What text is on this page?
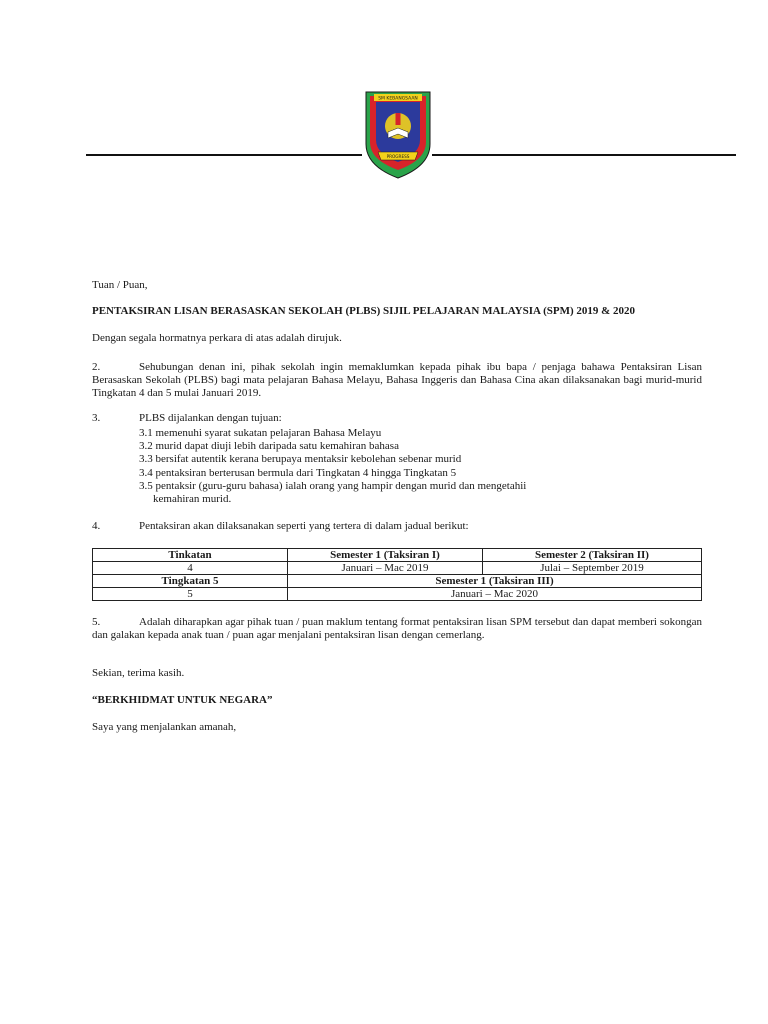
SM KEBANGSAAN
PROGRESS
Tuan / Puan,
PENTAKSIRAN LISAN BERASASKAN SEKOLAH (PLBS) SIJIL PELAJARAN MALAYSIA (SPM) 2019 & 2020
Dengan segala hormatnya perkara di atas adalah dirujuk.
2.	Sehubungan denan ini, pihak sekolah ingin memaklumkan kepada pihak ibu bapa / penjaga bahawa Pentaksiran Lisan Berasaskan Sekolah (PLBS) bagi mata pelajaran Bahasa Melayu, Bahasa Inggeris dan Bahasa Cina akan dilaksanakan bagi murid-murid Tingkatan 4 dan 5 mulai Januari 2019.
3.	PLBS dijalankan dengan tujuan:
3.1 memenuhi syarat sukatan pelajaran Bahasa Melayu
3.2 murid dapat diuji lebih daripada satu kemahiran bahasa
3.3 bersifat autentik kerana berupaya mentaksir kebolehan sebenar murid
3.4 pentaksiran berterusan bermula dari Tingkatan 4 hingga Tingkatan 5
3.5 pentaksir (guru-guru bahasa) ialah orang yang hampir dengan murid dan mengetahii
kemahiran murid.
4.	Pentaksiran akan dilaksanakan seperti yang tertera di dalam jadual berikut:
Tinkatan	Semester 1 (Taksiran I)	Semester 2 (Taksiran II)
4	Januari – Mac 2019	Julai – September 2019
Tingkatan 5	Semester 1 (Taksiran III)	
5	Januari – Mac 2020	
5.	Adalah diharapkan agar pihak tuan / puan maklum tentang format pentaksiran lisan SPM tersebut dan dapat memberi sokongan dan galakan kepada anak tuan / puan agar menjalani pentaksiran lisan dengan cemerlang.
Sekian, terima kasih.
“BERKHIDMAT UNTUK NEGARA”
Saya yang menjalankan amanah,
